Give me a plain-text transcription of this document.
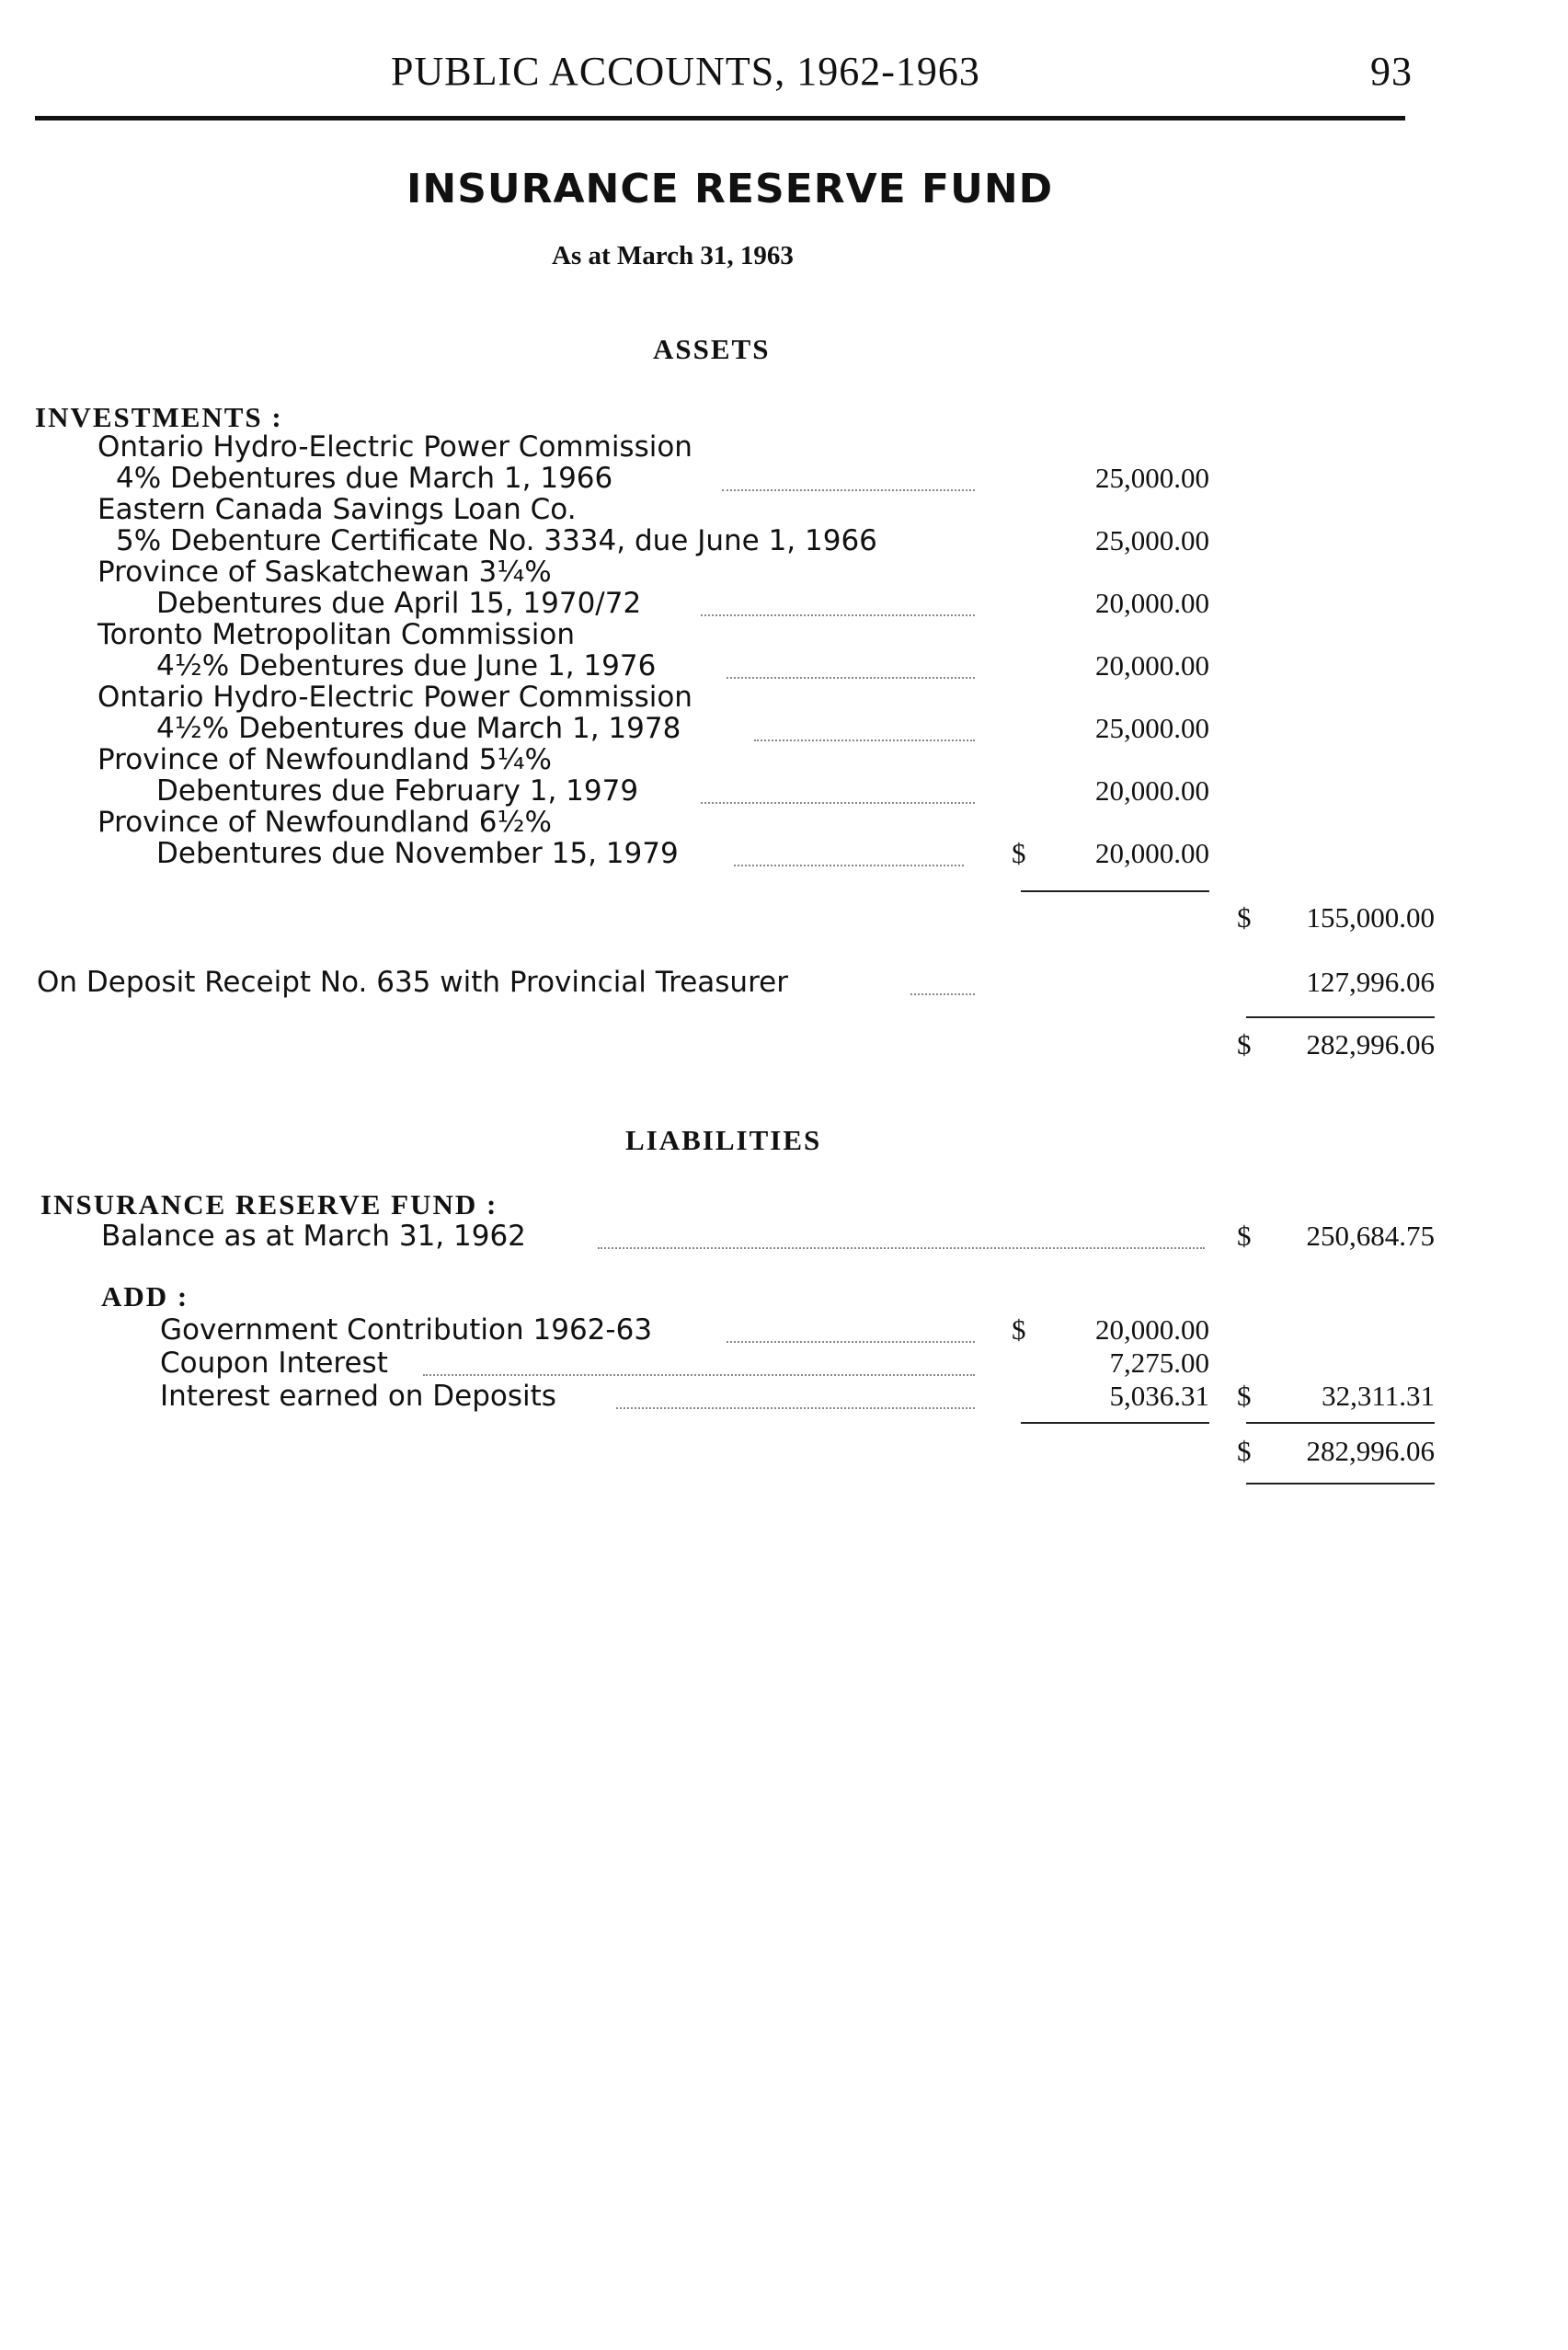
PUBLIC ACCOUNTS, 1962-1963	93
INSURANCE RESERVE FUND
As at March 31, 1963
ASSETS
INVESTMENTS :
Ontario Hydro-Electric Power Commission
4% Debentures due March 1, 1966	25,000.00
Eastern Canada Savings Loan Co.
5% Debenture Certificate No. 3334, due June 1, 1966	25,000.00
Province of Saskatchewan 3¼%
Debentures due April 15, 1970/72	20,000.00
Toronto Metropolitan Commission
4½% Debentures due June 1, 1976	20,000.00
Ontario Hydro-Electric Power Commission
4½% Debentures due March 1, 1978	25,000.00
Province of Newfoundland 5¼%
Debentures due February 1, 1979	20,000.00
Province of Newfoundland 6½%
Debentures due November 15, 1979	$	20,000.00
$	155,000.00
On Deposit Receipt No. 635 with Provincial Treasurer	127,996.06
$	282,996.06
LIABILITIES
INSURANCE RESERVE FUND :
Balance as at March 31, 1962	$	250,684.75
ADD :
Government Contribution 1962-63	$	20,000.00
Coupon Interest	7,275.00
Interest earned on Deposits	5,036.31 $	32,311.31
$	282,996.06
